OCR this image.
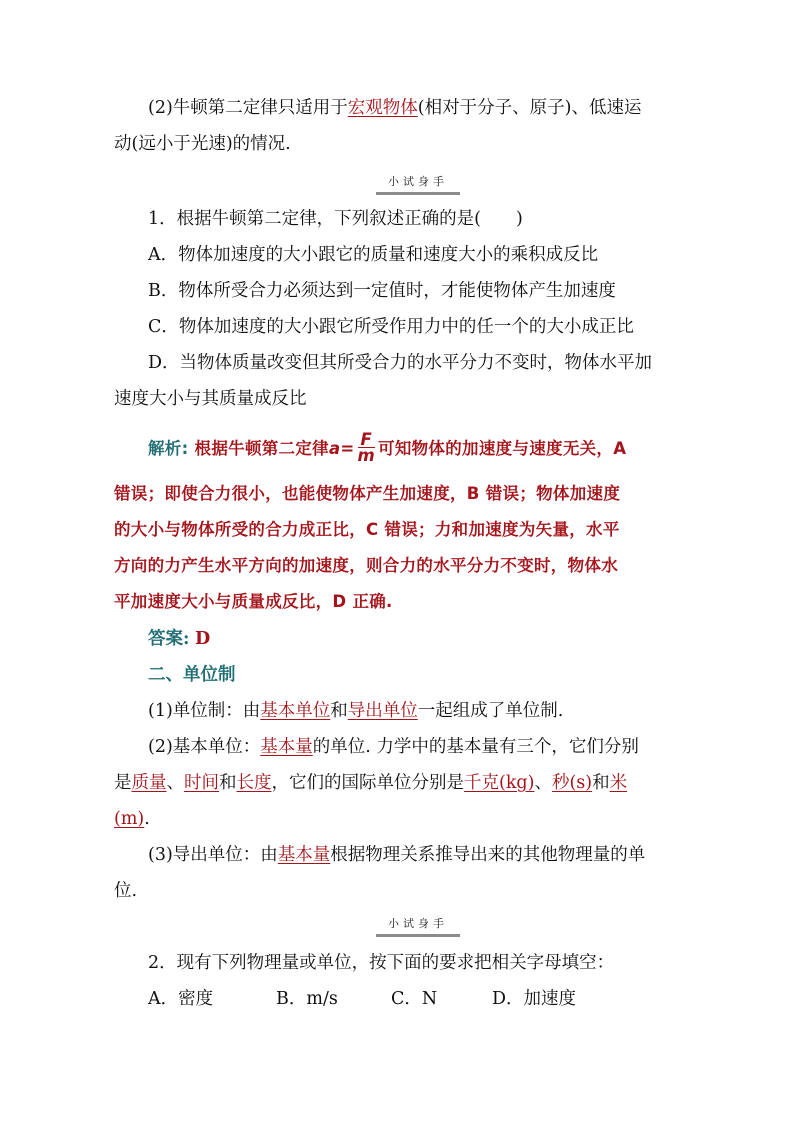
(2)牛顿第二定律只适用于宏观物体(相对于分子、原子)、低速运
动(远小于光速)的情况.
小试身手
1．根据牛顿第二定律，下列叙述正确的是(　　)
A．物体加速度的大小跟它的质量和速度大小的乘积成反比
B．物体所受合力必须达到一定值时，才能使物体产生加速度
C．物体加速度的大小跟它所受作用力中的任一个的大小成正比
D．当物体质量改变但其所受合力的水平分力不变时，物体水平加
速度大小与其质量成反比
解析: 根据牛顿第二定律$a= \frac{F}{m}$ 可知物体的加速度与速度无关，A
错误；即使合力很小，也能使物体产生加速度，B 错误；物体加速度
的大小与物体所受的合力成正比，C 错误；力和加速度为矢量，水平
方向的力产生水平方向的加速度，则合力的水平分力不变时，物体水
平加速度大小与质量成反比，D 正确.
答案: D
二、单位制
(1)单位制：由基本单位和导出单位一起组成了单位制.
(2)基本单位：基本量的单位. 力学中的基本量有三个，它们分别
是质量、时间和长度，它们的国际单位分别是千克(kg)、秒(s)和米
(m).
(3)导出单位：由基本量根据物理关系推导出来的其他物理量的单
位.
小试身手
2．现有下列物理量或单位，按下面的要求把相关字母填空：
A．密度	B．m/s	C．N	D．加速度
